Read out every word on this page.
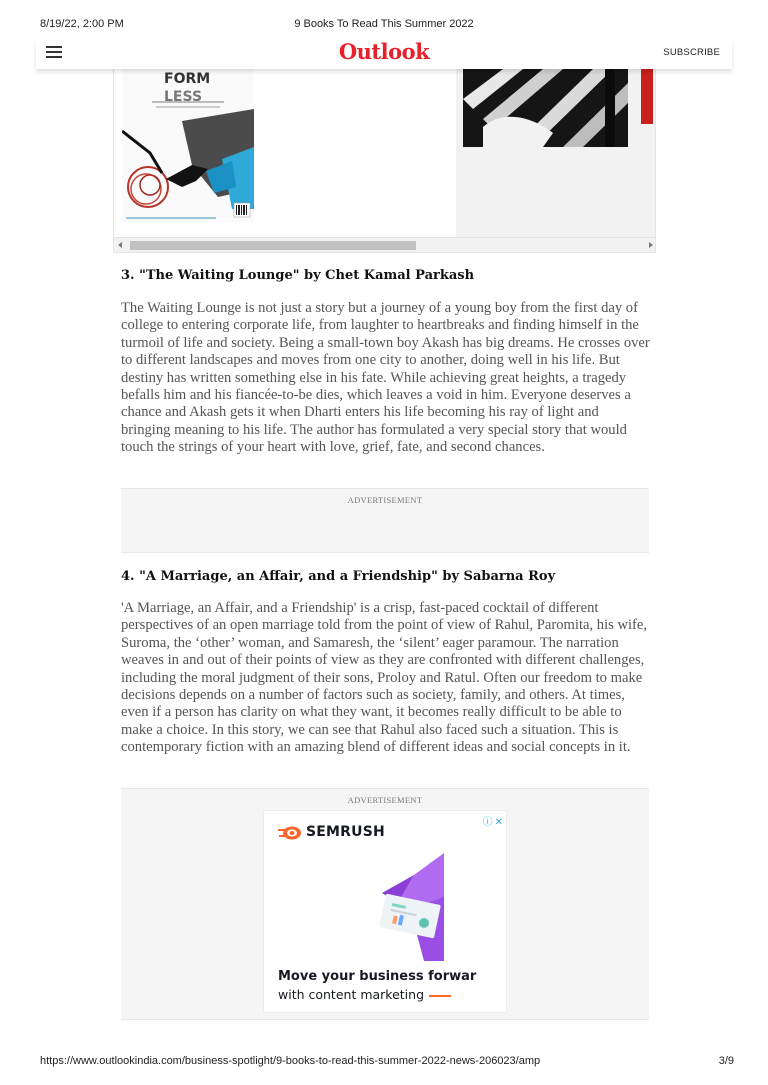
8/19/22, 2:00 PM	9 Books To Read This Summer 2022
Outlook	SUBSCRIBE
FORM
LESS
3. "The Waiting Lounge" by Chet Kamal Parkash

The Waiting Lounge is not just a story but a journey of a young boy from the first day of college to entering corporate life, from laughter to heartbreaks and finding himself in the turmoil of life and society. Being a small-town boy Akash has big dreams. He crosses over to different landscapes and moves from one city to another, doing well in his life. But destiny has written something else in his fate. While achieving great heights, a tragedy befalls him and his fiancée-to-be dies, which leaves a void in him. Everyone deserves a chance and Akash gets it when Dharti enters his life becoming his ray of light and bringing meaning to his life. The author has formulated a very special story that would touch the strings of your heart with love, grief, fate, and second chances.

ADVERTISEMENT
4. "A Marriage, an Affair, and a Friendship" by Sabarna Roy

'A Marriage, an Affair, and a Friendship' is a crisp, fast-paced cocktail of different perspectives of an open marriage told from the point of view of Rahul, Paromita, his wife, Suroma, the ‘other’ woman, and Samaresh, the ‘silent’ eager paramour. The narration weaves in and out of their points of view as they are confronted with different challenges, including the moral judgment of their sons, Proloy and Ratul. Often our freedom to make decisions depends on a number of factors such as society, family, and others. At times, even if a person has clarity on what they want, it becomes really difficult to be able to make a choice. In this story, we can see that Rahul also faced such a situation. This is contemporary fiction with an amazing blend of different ideas and social concepts in it.

ADVERTISEMENT
ⓘ ✕
SEMRUSH
Move your business forwar
with content marketing
https://www.outlookindia.com/business-spotlight/9-books-to-read-this-summer-2022-news-206023/amp	3/9
